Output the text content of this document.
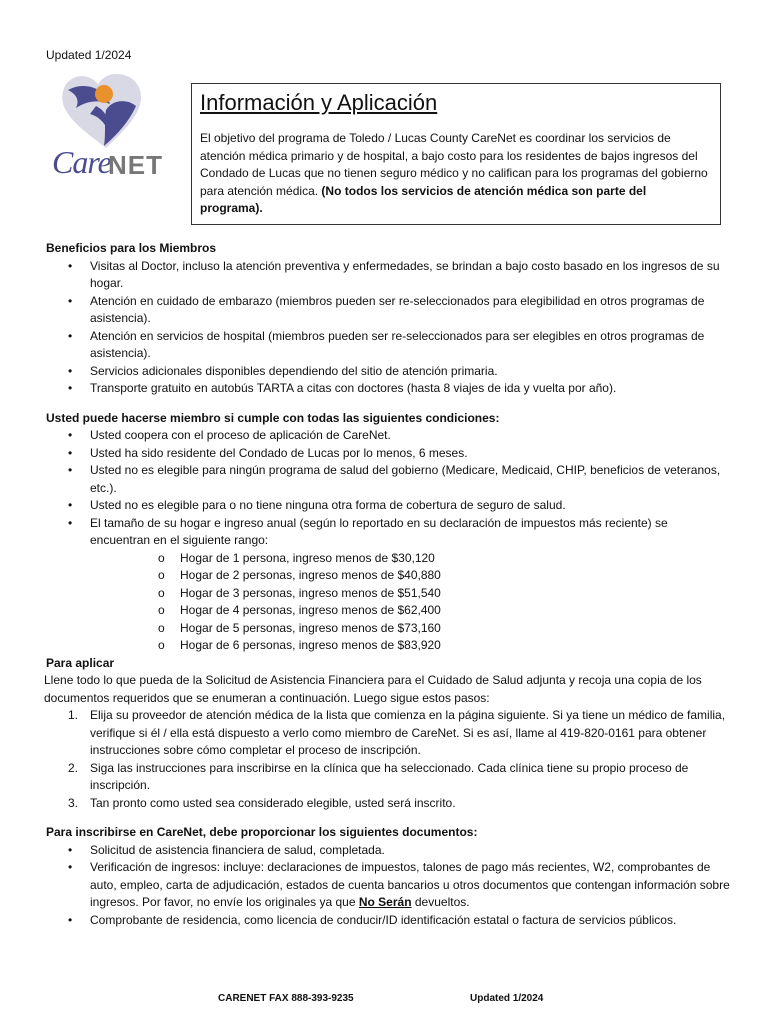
Updated 1/2024
Care
NET
Información y Aplicación
El objetivo del programa de Toledo / Lucas County CareNet es coordinar los servicios de atención médica primario y de hospital, a bajo costo para los residentes de bajos ingresos del Condado de Lucas que no tienen seguro médico y no califican para los programas del gobierno para atención médica. (No todos los servicios de atención médica son parte del programa).
Beneficios para los Miembros
• Visitas al Doctor, incluso la atención preventiva y enfermedades, se brindan a bajo costo basado en los ingresos de su hogar.
• Atención en cuidado de embarazo (miembros pueden ser re-seleccionados para elegibilidad en otros programas de asistencia).
• Atención en servicios de hospital (miembros pueden ser re-seleccionados para ser elegibles en otros programas de asistencia).
• Servicios adicionales disponibles dependiendo del sitio de atención primaria.
• Transporte gratuito en autobús TARTA a citas con doctores (hasta 8 viajes de ida y vuelta por año).
Usted puede hacerse miembro si cumple con todas las siguientes condiciones:
• Usted coopera con el proceso de aplicación de CareNet.
• Usted ha sido residente del Condado de Lucas por lo menos, 6 meses.
• Usted no es elegible para ningún programa de salud del gobierno (Medicare, Medicaid, CHIP, beneficios de veteranos, etc.).
• Usted no es elegible para o no tiene ninguna otra forma de cobertura de seguro de salud.
• El tamaño de su hogar e ingreso anual (según lo reportado en su declaración de impuestos más reciente) se encuentran en el siguiente rango:
o Hogar de 1 persona, ingreso menos de $30,120
o Hogar de 2 personas, ingreso menos de $40,880
o Hogar de 3 personas, ingreso menos de $51,540
o Hogar de 4 personas, ingreso menos de $62,400
o Hogar de 5 personas, ingreso menos de $73,160
o Hogar de 6 personas, ingreso menos de $83,920
Para aplicar
Llene todo lo que pueda de la Solicitud de Asistencia Financiera para el Cuidado de Salud adjunta y recoja una copia de los documentos requeridos que se enumeran a continuación. Luego sigue estos pasos:
1. Elija su proveedor de atención médica de la lista que comienza en la página siguiente. Si ya tiene un médico de familia, verifique si él / ella está dispuesto a verlo como miembro de CareNet. Si es así, llame al 419-820-0161 para obtener instrucciones sobre cómo completar el proceso de inscripción.
2. Siga las instrucciones para inscribirse en la clínica que ha seleccionado. Cada clínica tiene su propio proceso de inscripción.
3. Tan pronto como usted sea considerado elegible, usted será inscrito.
Para inscribirse en CareNet, debe proporcionar los siguientes documentos:
• Solicitud de asistencia financiera de salud, completada.
• Verificación de ingresos: incluye: declaraciones de impuestos, talones de pago más recientes, W2, comprobantes de auto, empleo, carta de adjudicación, estados de cuenta bancarios u otros documentos que contengan información sobre ingresos. Por favor, no envíe los originales ya que No Serán devueltos.
• Comprobante de residencia, como licencia de conducir/ID identificación estatal o factura de servicios públicos.
CARENET FAX 888-393-9235	Updated 1/2024
